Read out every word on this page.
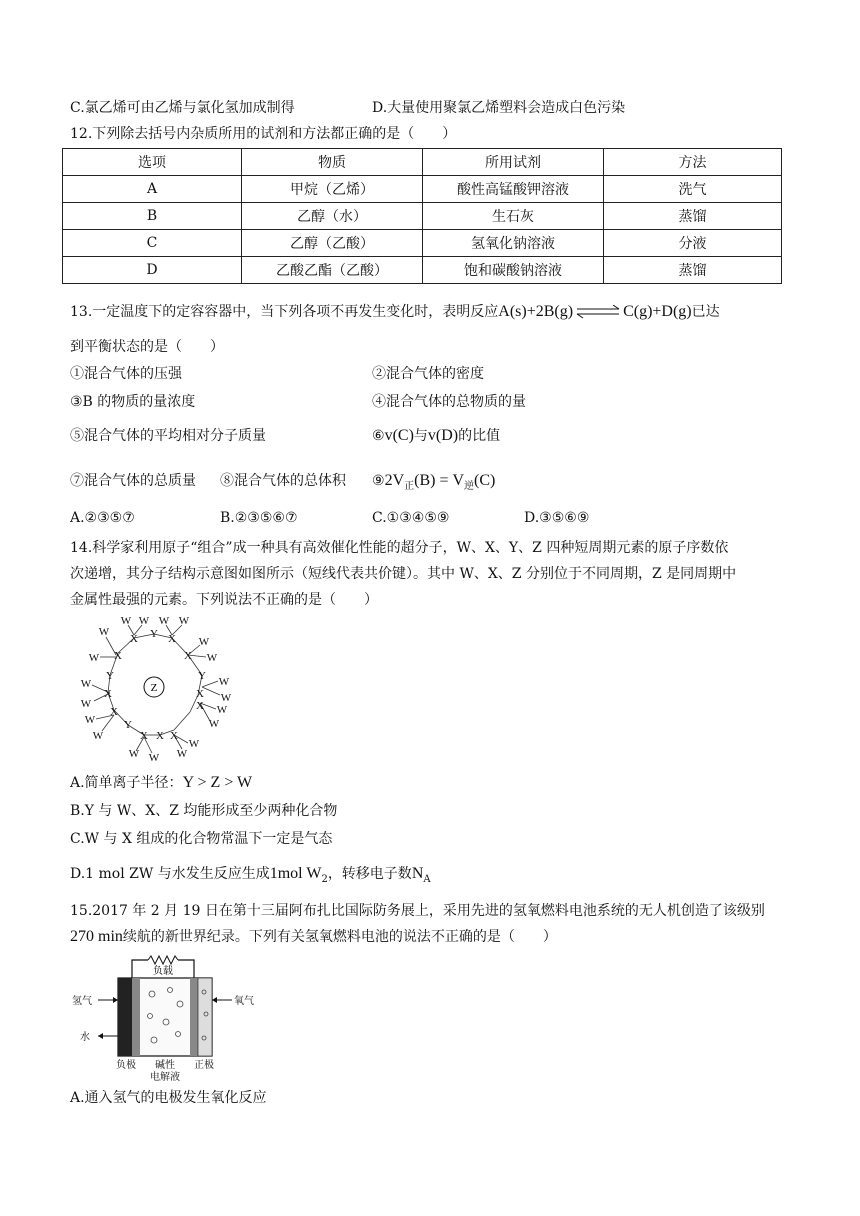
C.氯乙烯可由乙烯与氯化氢加成制得	D.大量使用聚氯乙烯塑料会造成白色污染
12.下列除去括号内杂质所用的试剂和方法都正确的是（　　）
选项	物质	所用试剂	方法
A	甲烷（乙烯）	酸性高锰酸钾溶液	洗气
B	乙醇（水）	生石灰	蒸馏
C	乙醇（乙酸）	氢氧化钠溶液	分液
D	乙酸乙酯（乙酸）	饱和碳酸钠溶液	蒸馏
13.一定温度下的定容容器中，当下列各项不再发生变化时，表明反应A(s)+2B(g) ⇌ C(g)+D(g)已达
到平衡状态的是（　　）
①混合气体的压强	②混合气体的密度
③B 的物质的量浓度	④混合气体的总物质的量
⑤混合气体的平均相对分子质量	⑥v(C)与v(D)的比值
⑦混合气体的总质量 ⑧混合气体的总体积 $⑨2V_正(B) = V_逆(C)$
A.②③⑤⑦	B.②③⑤⑥⑦	C.①③④⑤⑨	D.③⑤⑥⑨
14.科学家利用原子“组合”成一种具有高效催化性能的超分子，W、X、Y、Z 四种短周期元素的原子序数依
次递增，其分子结构示意图如图所示（短线代表共价键）。其中 W、X、Z 分别位于不同周期，Z 是同周期中
金属性最强的元素。下列说法不正确的是（　　）
X Y X
X
Y
X
X
X
X
X
Y
X
X
Y
X
W
W
W W W W
W
W
W
W
W
W
W
W
W
W
W
W
W
W
Z
A.简单离子半径：Y > Z > W
B.Y 与 W、X、Z 均能形成至少两种化合物
C.W 与 X 组成的化合物常温下一定是气态
D.1 mol ZW 与水发生反应生成1mol $W_2$，转移电子数$N_A$
15.2017 年 2 月 19 日在第十三届阿布扎比国际防务展上，采用先进的氢氧燃料电池系统的无人机创造了该级别
270 min续航的新世界纪录。下列有关氢氧燃料电池的说法不正确的是（　　）
负载
氢气
水
氧气
负极 碱性
电解液
正极
A.通入氢气的电极发生氧化反应
